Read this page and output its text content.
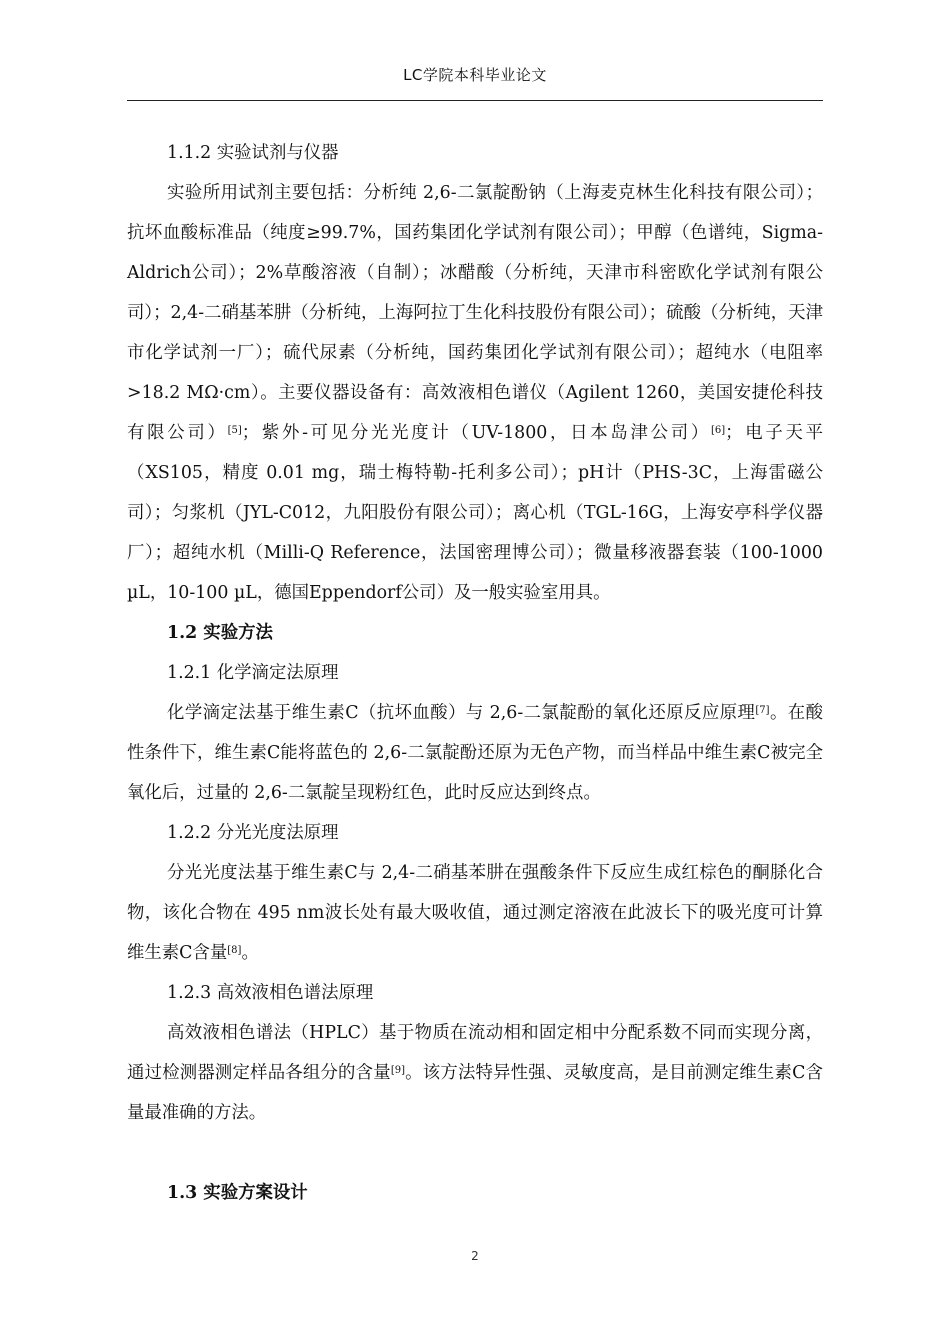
LC学院本科毕业论文
1.1.2 实验试剂与仪器

实验所用试剂主要包括：分析纯 2,6-二氯靛酚钠（上海麦克林生化科技有限公司）；抗坏血酸标准品（纯度≥99.7%，国药集团化学试剂有限公司）；甲醇（色谱纯，Sigma-Aldrich公司）；2%草酸溶液（自制）；冰醋酸（分析纯，天津市科密欧化学试剂有限公司）；2,4-二硝基苯肼（分析纯，上海阿拉丁生化科技股份有限公司）；硫酸（分析纯，天津市化学试剂一厂）；硫代尿素（分析纯，国药集团化学试剂有限公司）；超纯水（电阻率>18.2 MΩ·cm）。主要仪器设备有：高效液相色谱仪（Agilent 1260，美国安捷伦科技有限公司）[5]；紫外-可见分光光度计（UV-1800，日本岛津公司）[6]；电子天平（XS105，精度 0.01 mg，瑞士梅特勒-托利多公司）；pH计（PHS-3C，上海雷磁公司）；匀浆机（JYL-C012，九阳股份有限公司）；离心机（TGL-16G，上海安亭科学仪器厂）；超纯水机（Milli-Q Reference，法国密理博公司）；微量移液器套装（100-1000 µL，10-100 µL，德国Eppendorf公司）及一般实验室用具。

1.2 实验方法
1.2.1 化学滴定法原理

化学滴定法基于维生素C（抗坏血酸）与 2,6-二氯靛酚的氧化还原反应原理[7]。在酸性条件下，维生素C能将蓝色的 2,6-二氯靛酚还原为无色产物，而当样品中维生素C被完全氧化后，过量的 2,6-二氯靛呈现粉红色，此时反应达到终点。

1.2.2 分光光度法原理

分光光度法基于维生素C与 2,4-二硝基苯肼在强酸条件下反应生成红棕色的酮脎化合物，该化合物在 495 nm波长处有最大吸收值，通过测定溶液在此波长下的吸光度可计算维生素C含量[8]。

1.2.3 高效液相色谱法原理

高效液相色谱法（HPLC）基于物质在流动相和固定相中分配系数不同而实现分离，通过检测器测定样品各组分的含量[9]。该方法特异性强、灵敏度高，是目前测定维生素C含量最准确的方法。

1.3 实验方案设计
2
